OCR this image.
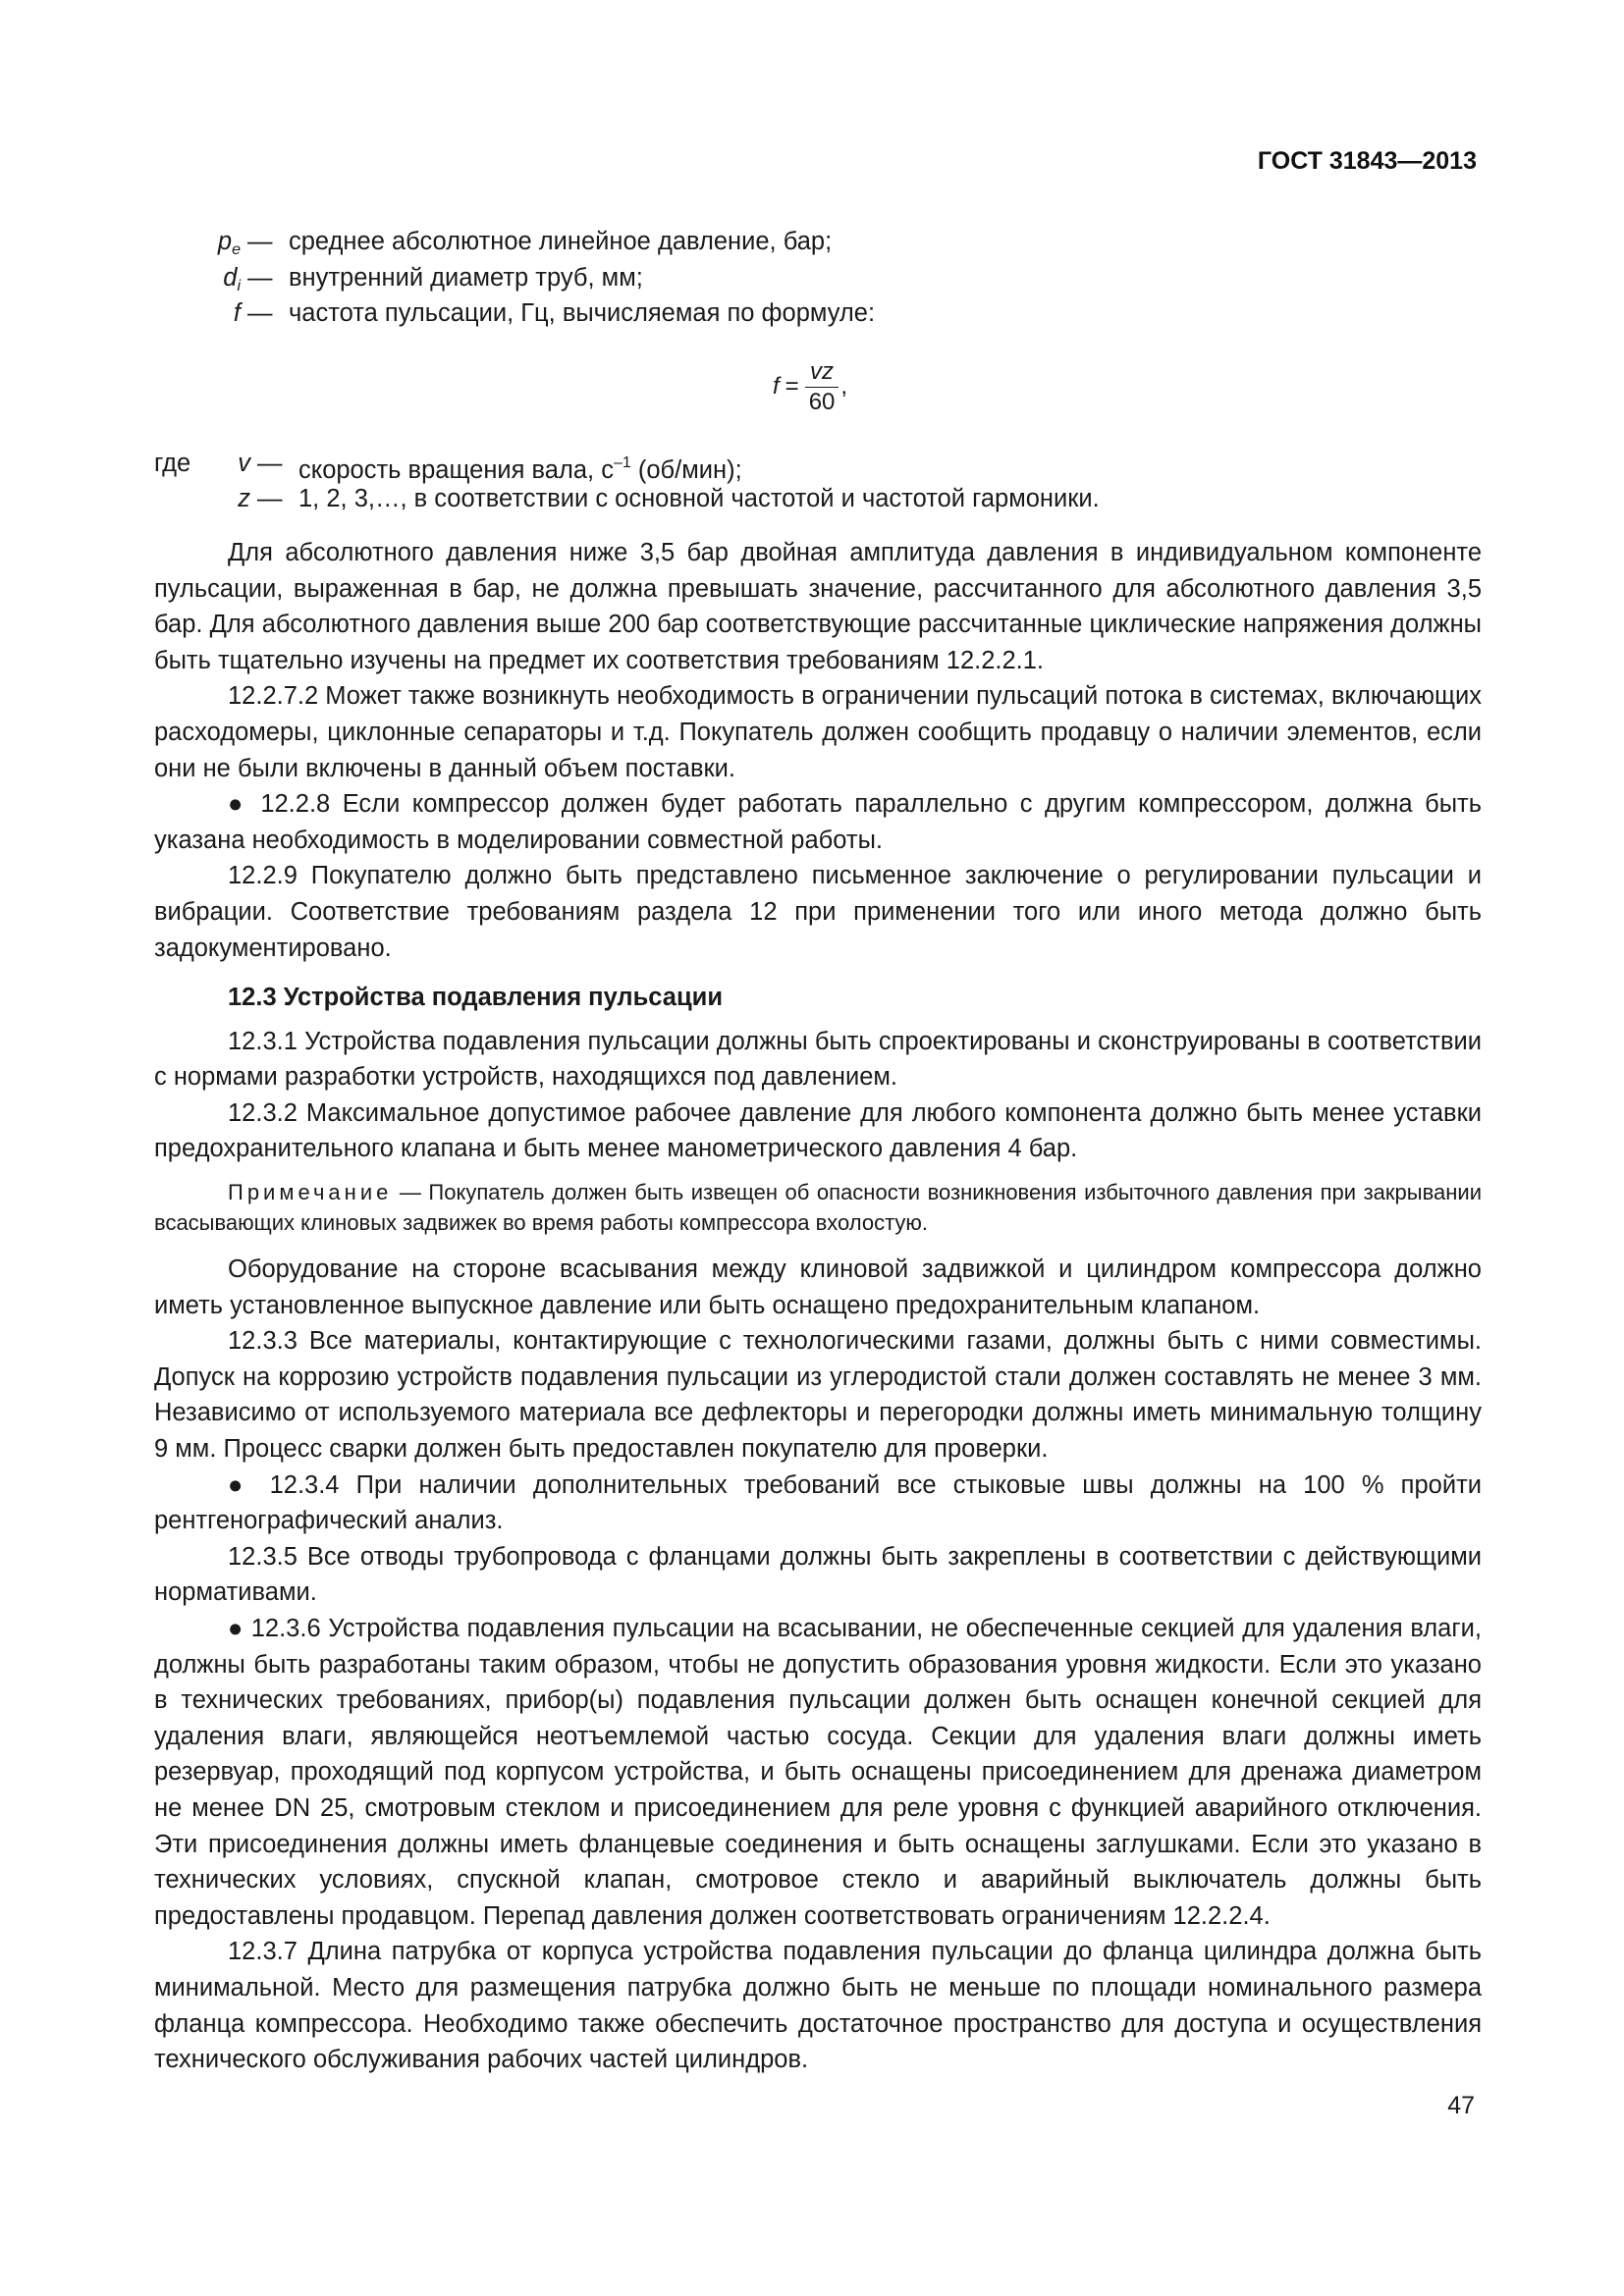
ГОСТ 31843—2013
$p_e$ — среднее абсолютное линейное давление, бар;
$d_i$ — внутренний диаметр труб, мм;
f — частота пульсации, Гц, вычисляемая по формуле:
$f = \frac{vz}{60}$ ,
где v — скорость вращения вала, $с^{-1}$ (об/мин);
z — 1, 2, 3,…, в соответствии с основной частотой и частотой гармоники.

Для абсолютного давления ниже 3,5 бар двойная амплитуда давления в индивидуальном компоненте пульсации, выраженная в бар, не должна превышать значение, рассчитанного для абсолютного давления 3,5 бар. Для абсолютного давления выше 200 бар соответствующие рассчитанные циклические напряжения должны быть тщательно изучены на предмет их соответствия требованиям 12.2.2.1.

12.2.7.2 Может также возникнуть необходимость в ограничении пульсаций потока в системах, включающих расходомеры, циклонные сепараторы и т.д. Покупатель должен сообщить продавцу о наличии элементов, если они не были включены в данный объем поставки.

● 12.2.8 Если компрессор должен будет работать параллельно с другим компрессором, должна быть указана необходимость в моделировании совместной работы.

12.2.9 Покупателю должно быть представлено письменное заключение о регулировании пульсации и вибрации. Соответствие требованиям раздела 12 при применении того или иного метода должно быть задокументировано.

12.3 Устройства подавления пульсации

12.3.1 Устройства подавления пульсации должны быть спроектированы и сконструированы в соответствии с нормами разработки устройств, находящихся под давлением.

12.3.2 Максимальное допустимое рабочее давление для любого компонента должно быть менее уставки предохранительного клапана и быть менее манометрического давления 4 бар.

Примечание — Покупатель должен быть извещен об опасности возникновения избыточного давления при закрывании всасывающих клиновых задвижек во время работы компрессора вхолостую.

Оборудование на стороне всасывания между клиновой задвижкой и цилиндром компрессора должно иметь установленное выпускное давление или быть оснащено предохранительным клапаном.

12.3.3 Все материалы, контактирующие с технологическими газами, должны быть с ними совместимы. Допуск на коррозию устройств подавления пульсации из углеродистой стали должен составлять не менее 3 мм. Независимо от используемого материала все дефлекторы и перегородки должны иметь минимальную толщину 9 мм. Процесс сварки должен быть предоставлен покупателю для проверки.

● 12.3.4 При наличии дополнительных требований все стыковые швы должны на 100 % пройти рентгенографический анализ.

12.3.5 Все отводы трубопровода с фланцами должны быть закреплены в соответствии с действующими нормативами.

● 12.3.6 Устройства подавления пульсации на всасывании, не обеспеченные секцией для удаления влаги, должны быть разработаны таким образом, чтобы не допустить образования уровня жидкости. Если это указано в технических требованиях, прибор(ы) подавления пульсации должен быть оснащен конечной секцией для удаления влаги, являющейся неотъемлемой частью сосуда. Секции для удаления влаги должны иметь резервуар, проходящий под корпусом устройства, и быть оснащены присоединением для дренажа диаметром не менее DN 25, смотровым стеклом и присоединением для реле уровня с функцией аварийного отключения. Эти присоединения должны иметь фланцевые соединения и быть оснащены заглушками. Если это указано в технических условиях, спускной клапан, смотровое стекло и аварийный выключатель должны быть предоставлены продавцом. Перепад давления должен соответствовать ограничениям 12.2.2.4.

12.3.7 Длина патрубка от корпуса устройства подавления пульсации до фланца цилиндра должна быть минимальной. Место для размещения патрубка должно быть не меньше по площади номинального размера фланца компрессора. Необходимо также обеспечить достаточное пространство для доступа и осуществления технического обслуживания рабочих частей цилиндров.

47
